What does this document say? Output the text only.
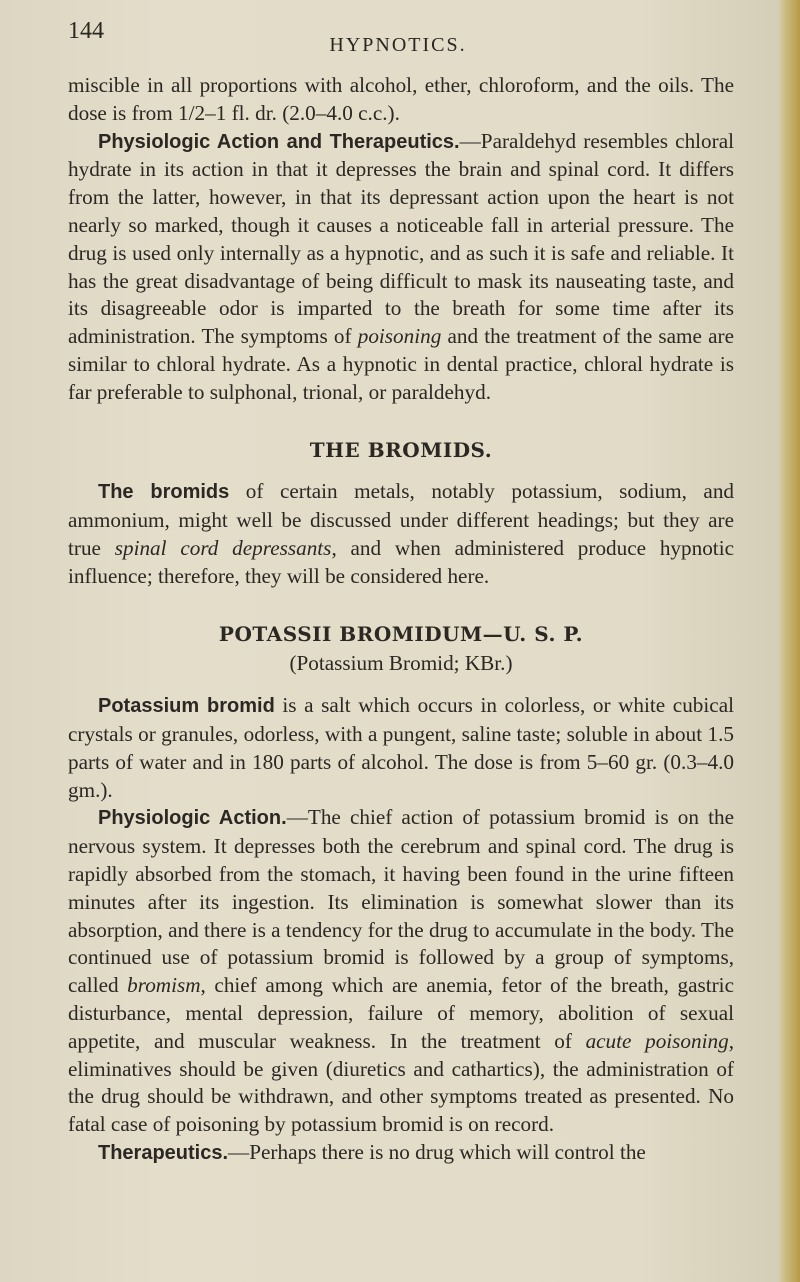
144
HYPNOTICS.

miscible in all proportions with alcohol, ether, chloroform, and the oils. The dose is from 1/2–1 fl. dr. (2.0–4.0 c.c.).

Physiologic Action and Therapeutics.—Paraldehyd resembles chloral hydrate in its action in that it depresses the brain and spinal cord. It differs from the latter, however, in that its depressant action upon the heart is not nearly so marked, though it causes a noticeable fall in arterial pressure. The drug is used only internally as a hypnotic, and as such it is safe and reliable. It has the great disadvantage of being difficult to mask its nauseating taste, and its disagreeable odor is imparted to the breath for some time after its administration. The symptoms of poisoning and the treatment of the same are similar to chloral hydrate. As a hypnotic in dental practice, chloral hydrate is far preferable to sulphonal, trional, or paraldehyd.

THE BROMIDS.

The bromids of certain metals, notably potassium, sodium, and ammonium, might well be discussed under different headings; but they are true spinal cord depressants, and when administered produce hypnotic influence; therefore, they will be considered here.

POTASSII BROMIDUM—U. S. P.
(Potassium Bromid; KBr.)

Potassium bromid is a salt which occurs in colorless, or white cubical crystals or granules, odorless, with a pungent, saline taste; soluble in about 1.5 parts of water and in 180 parts of alcohol. The dose is from 5–60 gr. (0.3–4.0 gm.).

Physiologic Action.—The chief action of potassium bromid is on the nervous system. It depresses both the cerebrum and spinal cord. The drug is rapidly absorbed from the stomach, it having been found in the urine fifteen minutes after its ingestion. Its elimination is somewhat slower than its absorption, and there is a tendency for the drug to accumulate in the body. The continued use of potassium bromid is followed by a group of symptoms, called bromism, chief among which are anemia, fetor of the breath, gastric disturbance, mental depression, failure of memory, abolition of sexual appetite, and muscular weakness. In the treatment of acute poisoning, eliminatives should be given (diuretics and cathartics), the administration of the drug should be withdrawn, and other symptoms treated as presented. No fatal case of poisoning by potassium bromid is on record.

Therapeutics.—Perhaps there is no drug which will control the
